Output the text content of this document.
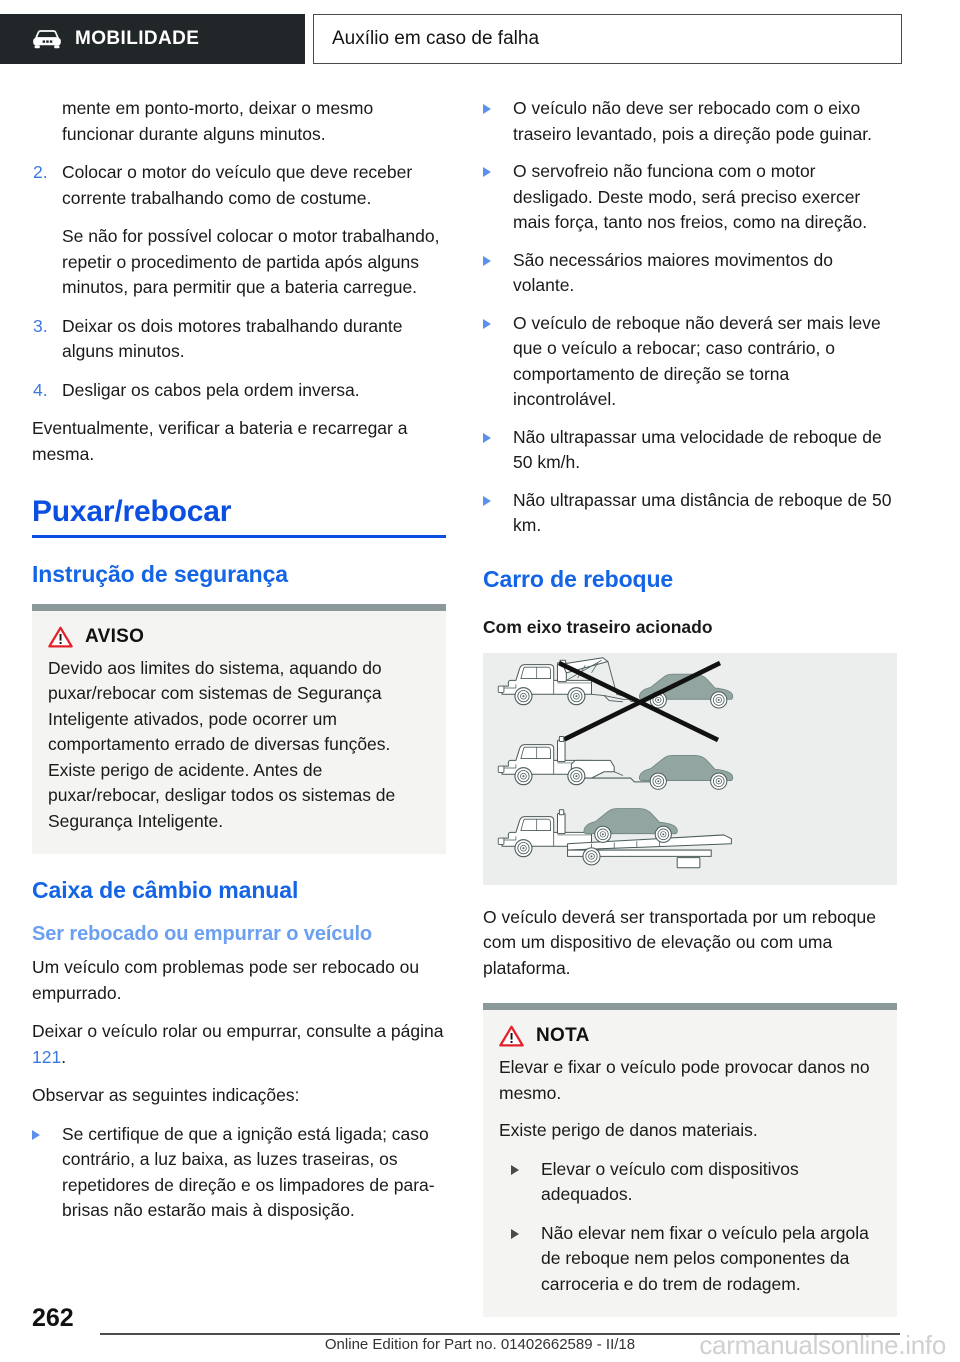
MOBILIDADE	Auxílio em caso de falha
mente em ponto-morto, deixar o mesmo funcionar durante alguns minutos.
2. Colocar o motor do veículo que deve receber corrente trabalhando como de costume.
Se não for possível colocar o motor trabalhando, repetir o procedimento de partida após alguns minutos, para permitir que a bateria carregue.
3. Deixar os dois motores trabalhando durante alguns minutos.
4. Desligar os cabos pela ordem inversa.
Eventualmente, verificar a bateria e recarregar a mesma.
Puxar/rebocar
Instrução de segurança
AVISO
Devido aos limites do sistema, aquando do puxar/rebocar com sistemas de Segurança Inteligente ativados, pode ocorrer um comportamento errado de diversas funções. Existe perigo de acidente. Antes de puxar/rebocar, desligar todos os sistemas de Segurança Inteligente.
Caixa de câmbio manual
Ser rebocado ou empurrar o veículo
Um veículo com problemas pode ser rebocado ou empurrado.
Deixar o veículo rolar ou empurrar, consulte a página 121.
Observar as seguintes indicações:
Se certifique de que a ignição está ligada; caso contrário, a luz baixa, as luzes traseiras, os repetidores de direção e os limpadores de para-brisas não estarão mais à disposição.
O veículo não deve ser rebocado com o eixo traseiro levantado, pois a direção pode guinar.
O servofreio não funciona com o motor desligado. Deste modo, será preciso exercer mais força, tanto nos freios, como na direção.
São necessários maiores movimentos do volante.
O veículo de reboque não deverá ser mais leve que o veículo a rebocar; caso contrário, o comportamento de direção se torna incontrolável.
Não ultrapassar uma velocidade de reboque de 50 km/h.
Não ultrapassar uma distância de reboque de 50 km.
Carro de reboque
Com eixo traseiro acionado
O veículo deverá ser transportada por um reboque com um dispositivo de elevação ou com uma plataforma.
NOTA
Elevar e fixar o veículo pode provocar danos no mesmo.
Existe perigo de danos materiais.
Elevar o veículo com dispositivos adequados.
Não elevar nem fixar o veículo pela argola de reboque nem pelos componentes da carroceria e do trem de rodagem.
262
Online Edition for Part no. 01402662589 - II/18	carmanualsonline.info
